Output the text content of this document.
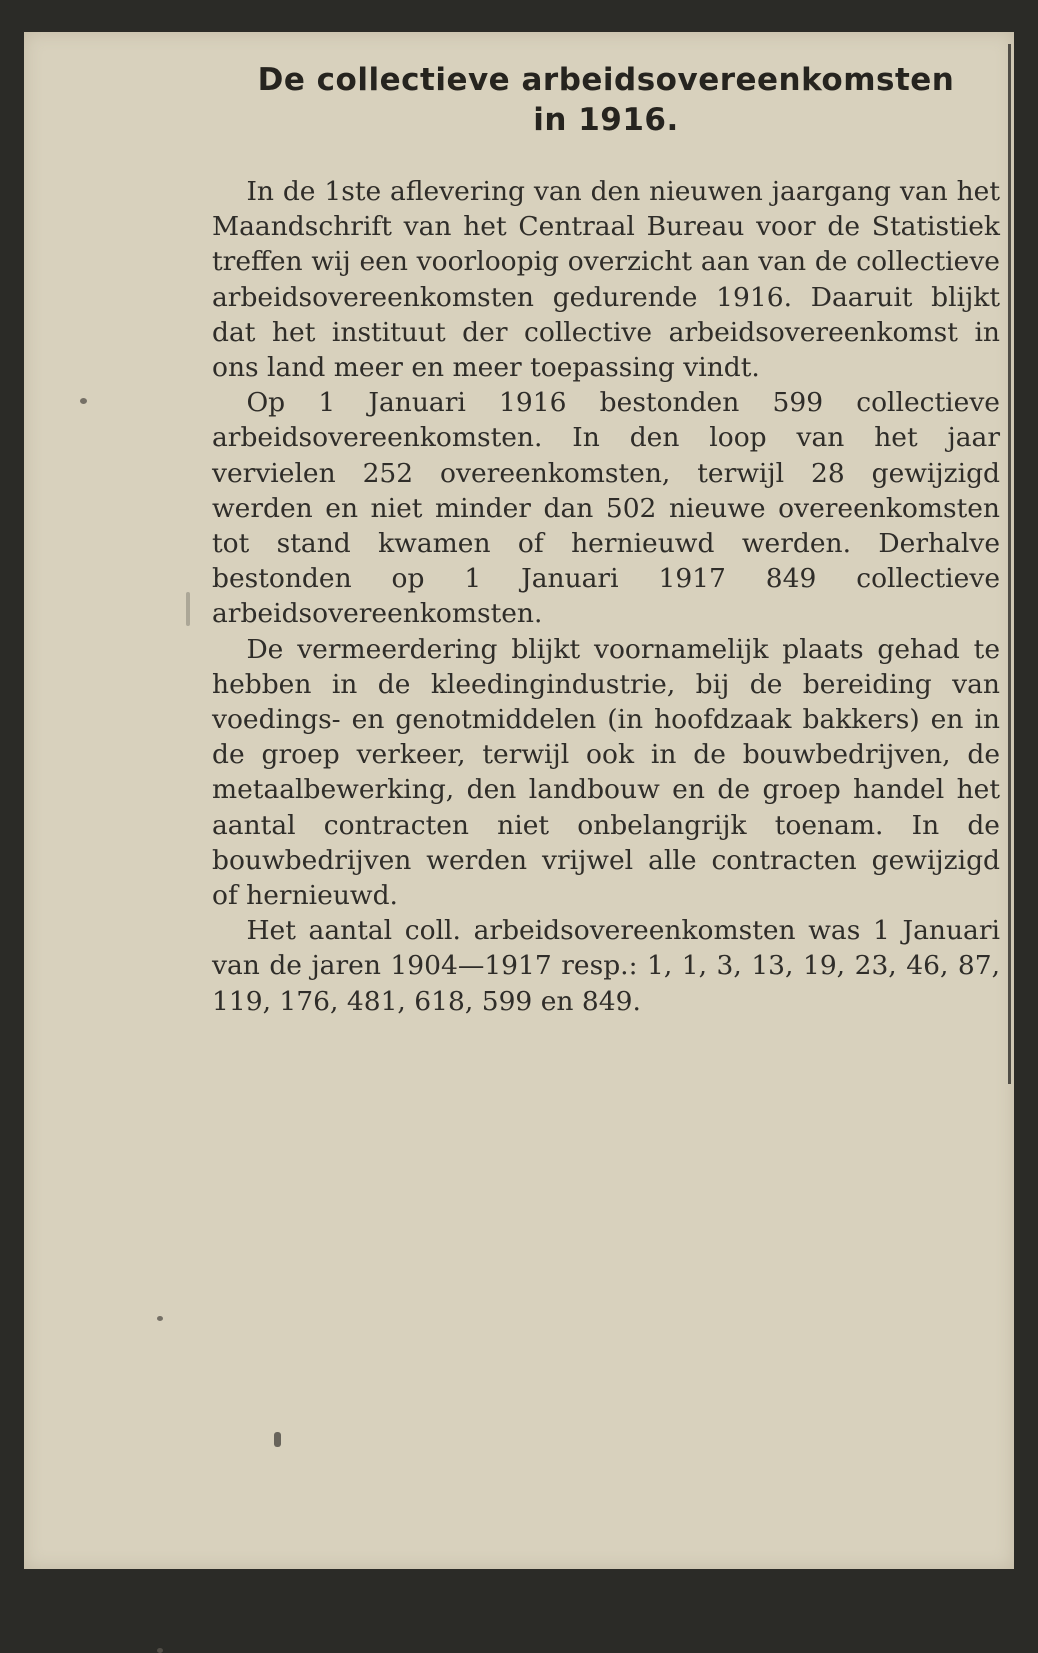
De collectieve arbeidsovereenkomsten
in 1916.

In de 1ste aflevering van den nieuwen jaargang van het Maandschrift van het Centraal Bureau voor de Statistiek treffen wij een voorloopig overzicht aan van de collectieve arbeidsovereenkomsten gedurende 1916. Daaruit blijkt dat het instituut der collective arbeidsovereenkomst in ons land meer en meer toepassing vindt.

Op 1 Januari 1916 bestonden 599 collectieve arbeidsovereenkomsten. In den loop van het jaar vervielen 252 overeenkomsten, terwijl 28 gewijzigd werden en niet minder dan 502 nieuwe overeenkomsten tot stand kwamen of hernieuwd werden. Derhalve bestonden op 1 Januari 1917 849 collectieve arbeidsovereenkomsten.

De vermeerdering blijkt voornamelijk plaats gehad te hebben in de kleedingindustrie, bij de bereiding van voedings- en genotmiddelen (in hoofdzaak bakkers) en in de groep verkeer, terwijl ook in de bouwbedrijven, de metaalbewerking, den landbouw en de groep handel het aantal contracten niet onbelangrijk toenam. In de bouwbedrijven werden vrijwel alle contracten gewijzigd of hernieuwd.

Het aantal coll. arbeidsovereenkomsten was 1 Januari van de jaren 1904—1917 resp.: 1, 1, 3, 13, 19, 23, 46, 87, 119, 176, 481, 618, 599 en 849.
